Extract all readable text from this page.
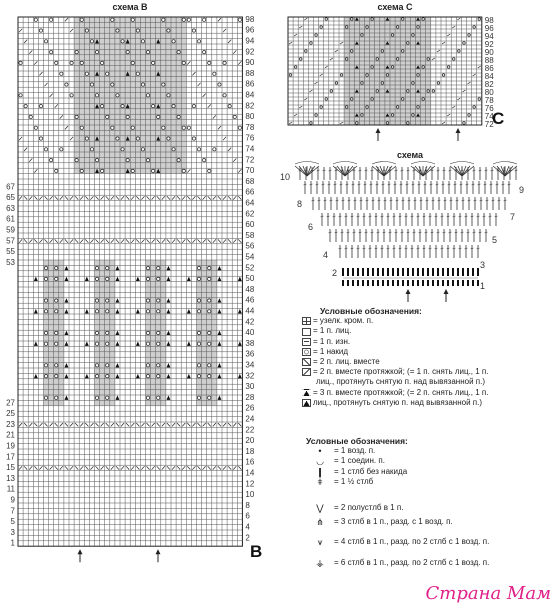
98
96
94
92
90
88
86
84
82
80
78
76
74
72
70
68
66
64
62
60
58
56
54
52
50
48
46
44
42
40
38
36
34
32
30
28
26
24
22
20
18
16
14
12
10
8
6
4
2
67
65
63
61
59
57
55
53
27
25
23
21
19
17
15
13
11
9
7
5
3
1
98
96
94
92
90
88
86
84
82
80
78
76
74
72
10
9
8
7
6
5
4
3
2
1
схема B	схема C
схема
B
C
Условные обозначения:
= узелк. кром. п.
= 1 п. лиц.
= 1 п. изн.
= 1 накид
= 2 п. лиц. вместе
= 2 п. вместе протяжкой; (= 1 п. снять лиц., 1 п.
лиц., протянуть снятую п. над вывязанной п.)
= 3 п. вместе протяжкой; (= 2 п. снять лиц., 1 п.
лиц., протянуть снятую п. над вывязанной п.)
Условные обозначения:
•	= 1 возд. п.
◡	= 1 соедин. п.
❙	= 1 стлб без накида
ǂ	= 1 ½ стлб
⋁	= 2 полустлб в 1 п.
⋔	= 3 стлб в 1 п., разд. с 1 возд. п.
⩛	= 4 стлб в 1 п., разд. по 2 стлб с 1 возд. п.
⚶	= 6 стлб в 1 п., разд. по 2 стлб с 1 возд. п.
Страна Мам
